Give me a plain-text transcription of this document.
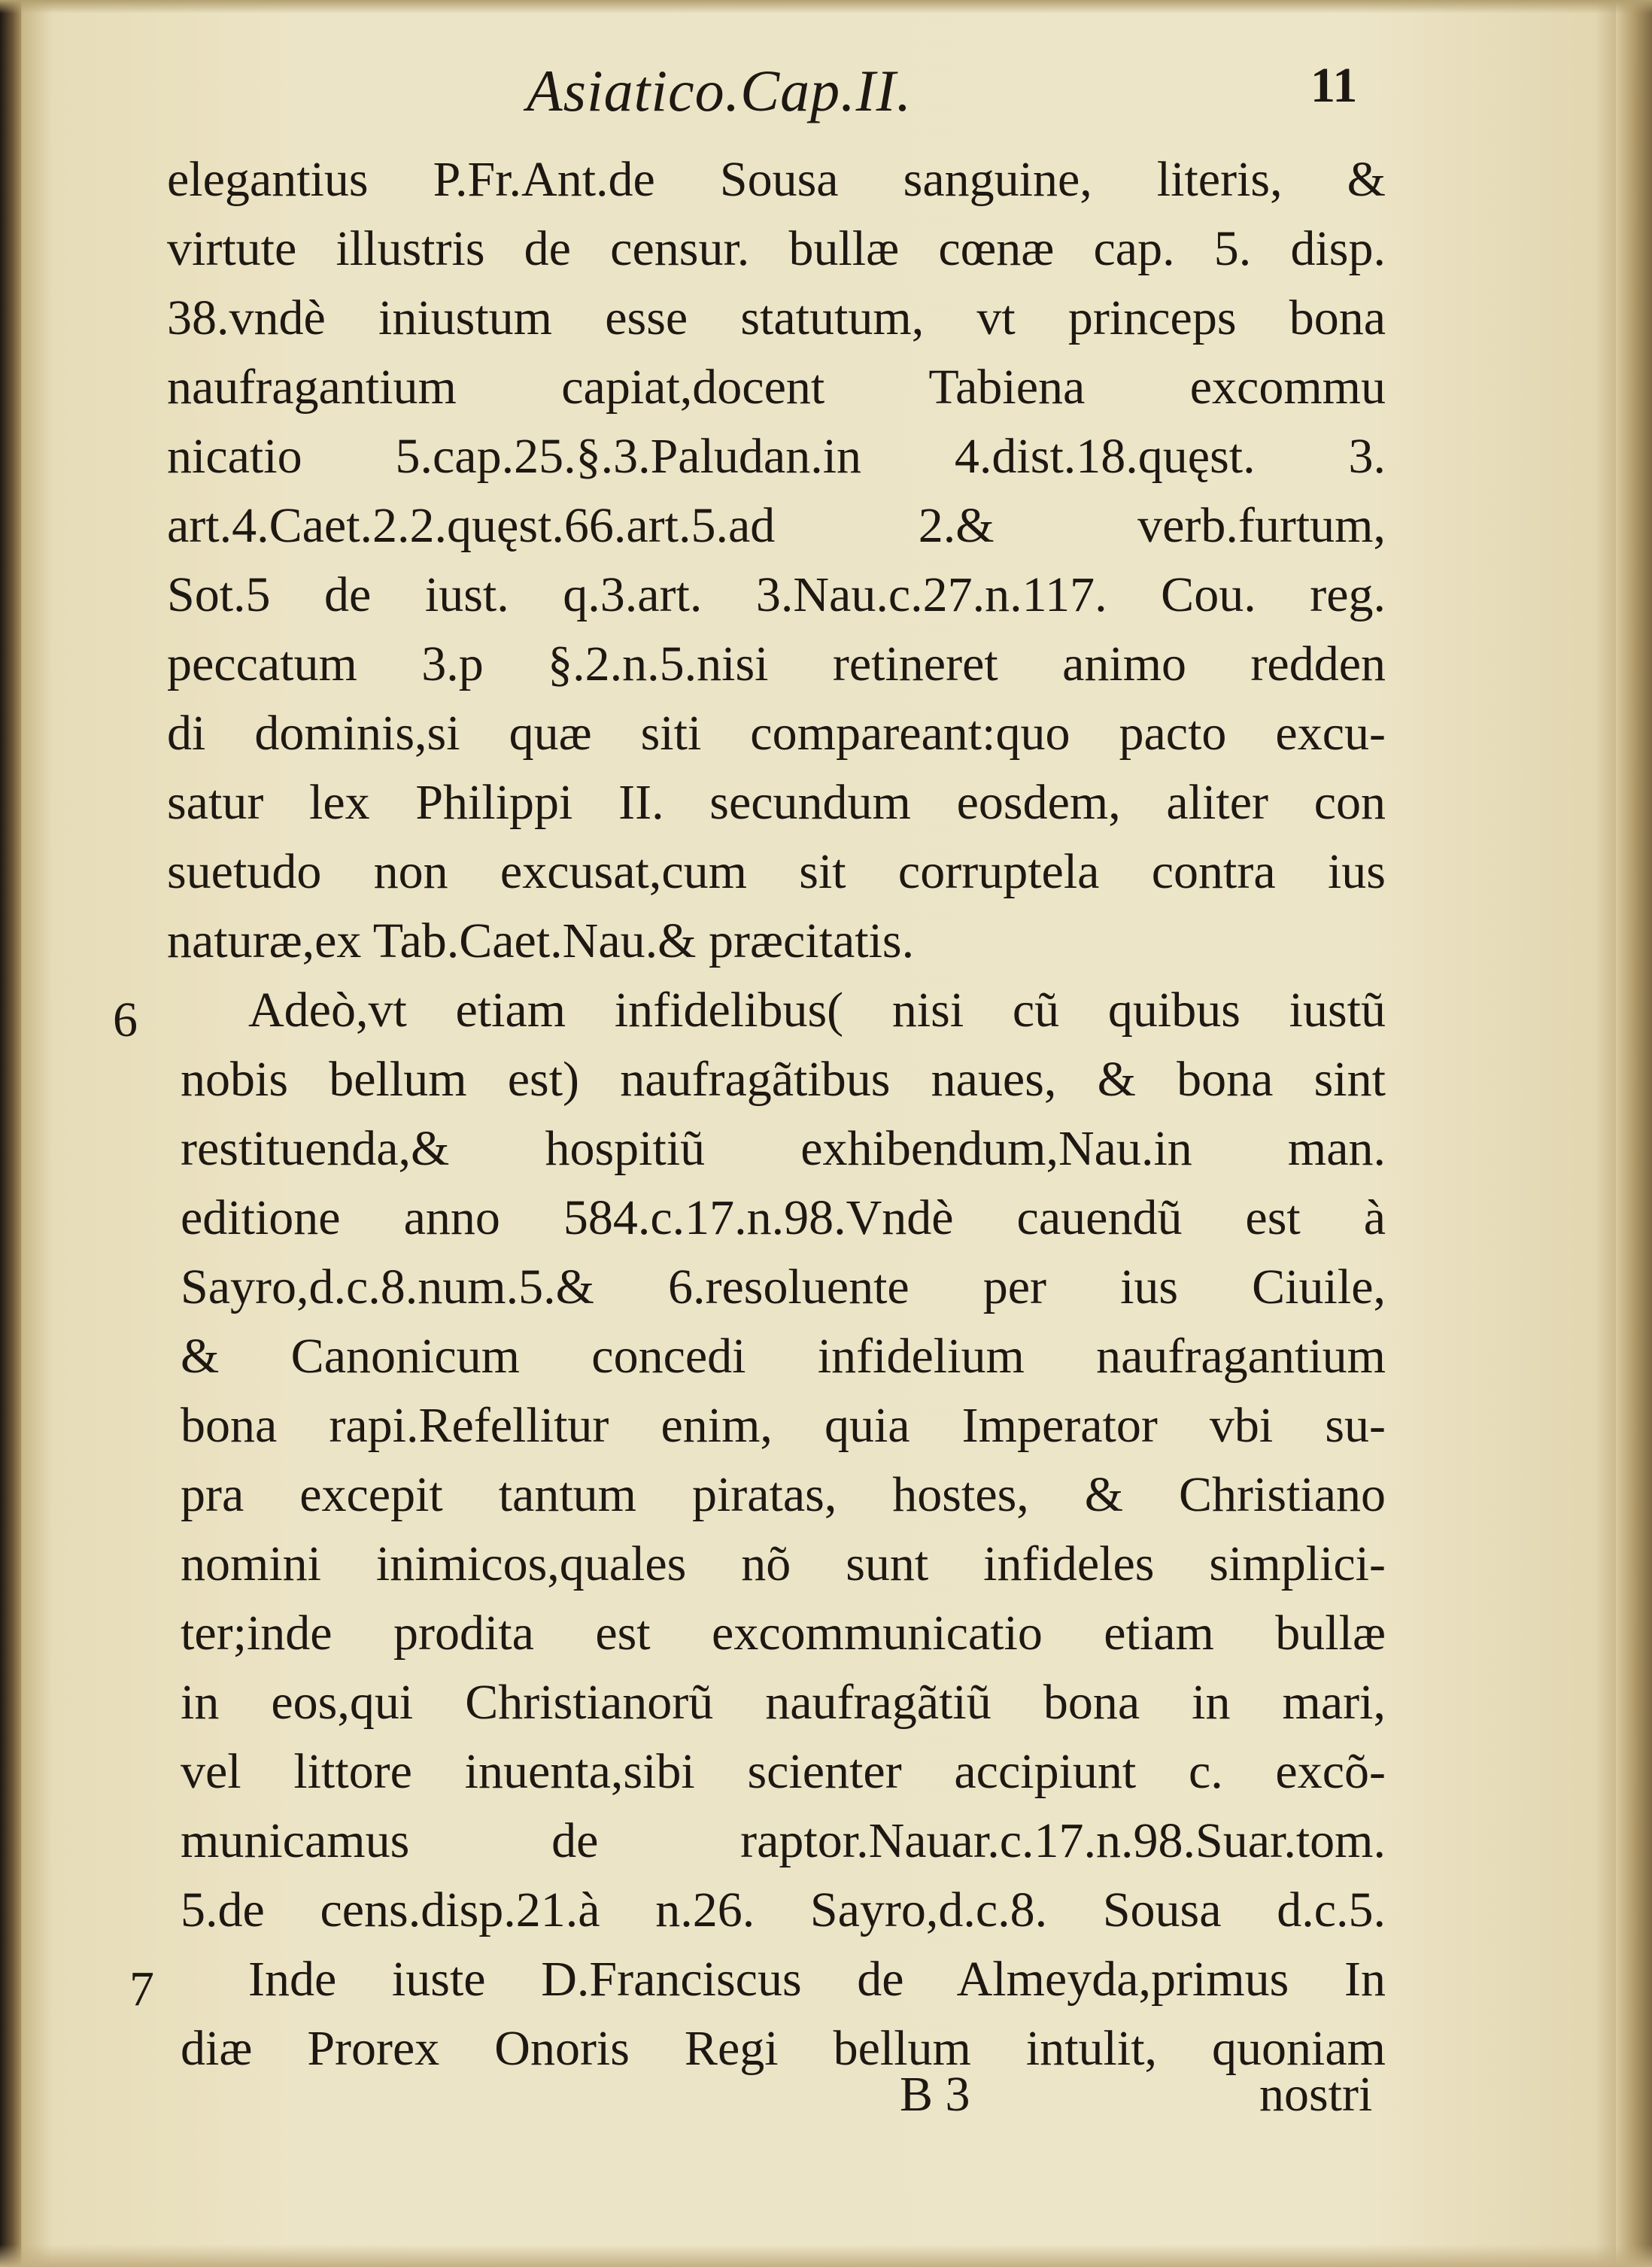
Asiatico.Cap.II.	11
elegantius P.Fr.Ant.de Sousa sanguine, literis, &
virtute illustris de censur. bullæ cœnæ cap. 5. disp.
38.vndè iniustum esse statutum, vt princeps bona
naufragantium capiat,docent Tabiena excommu
nicatio 5.cap.25.§.3.Paludan.in 4.dist.18.quęst. 3.
art.4.Caet.2.2.quęst.66.art.5.ad 2.& verb.furtum,
Sot.5 de iust. q.3.art. 3.Nau.c.27.n.117. Cou. reg.
peccatum 3.p §.2.n.5.nisi retineret animo redden
di dominis,si quæ siti compareant:quo pacto excu-
satur lex Philippi II. secundum eosdem, aliter con
suetudo non excusat,cum sit corruptela contra ius
naturæ,ex Tab.Caet.Nau.& præcitatis.
Adeò,vt etiam infidelibus( nisi cũ quibus iustũ
nobis bellum est) naufragãtibus naues, & bona sint
restituenda,& hospitiũ exhibendum,Nau.in man.
editione anno 584.c.17.n.98.Vndè cauendũ est à
Sayro,d.c.8.num.5.& 6.resoluente per ius Ciuile,
& Canonicum concedi infidelium naufragantium
bona rapi.Refellitur enim, quia Imperator vbi su-
pra excepit tantum piratas, hostes, & Christiano
nomini inimicos,quales nõ sunt infideles simplici-
ter;inde prodita est excommunicatio etiam bullæ
in eos,qui Christianorũ naufragãtiũ bona in mari,
vel littore inuenta,sibi scienter accipiunt c. excõ-
municamus de raptor.Nauar.c.17.n.98.Suar.tom.
5.de cens.disp.21.à n.26. Sayro,d.c.8. Sousa d.c.5.
Inde iuste D.Franciscus de Almeyda,primus In
diæ Prorex Onoris Regi bellum intulit, quoniam
6
7
B 3	nostri
